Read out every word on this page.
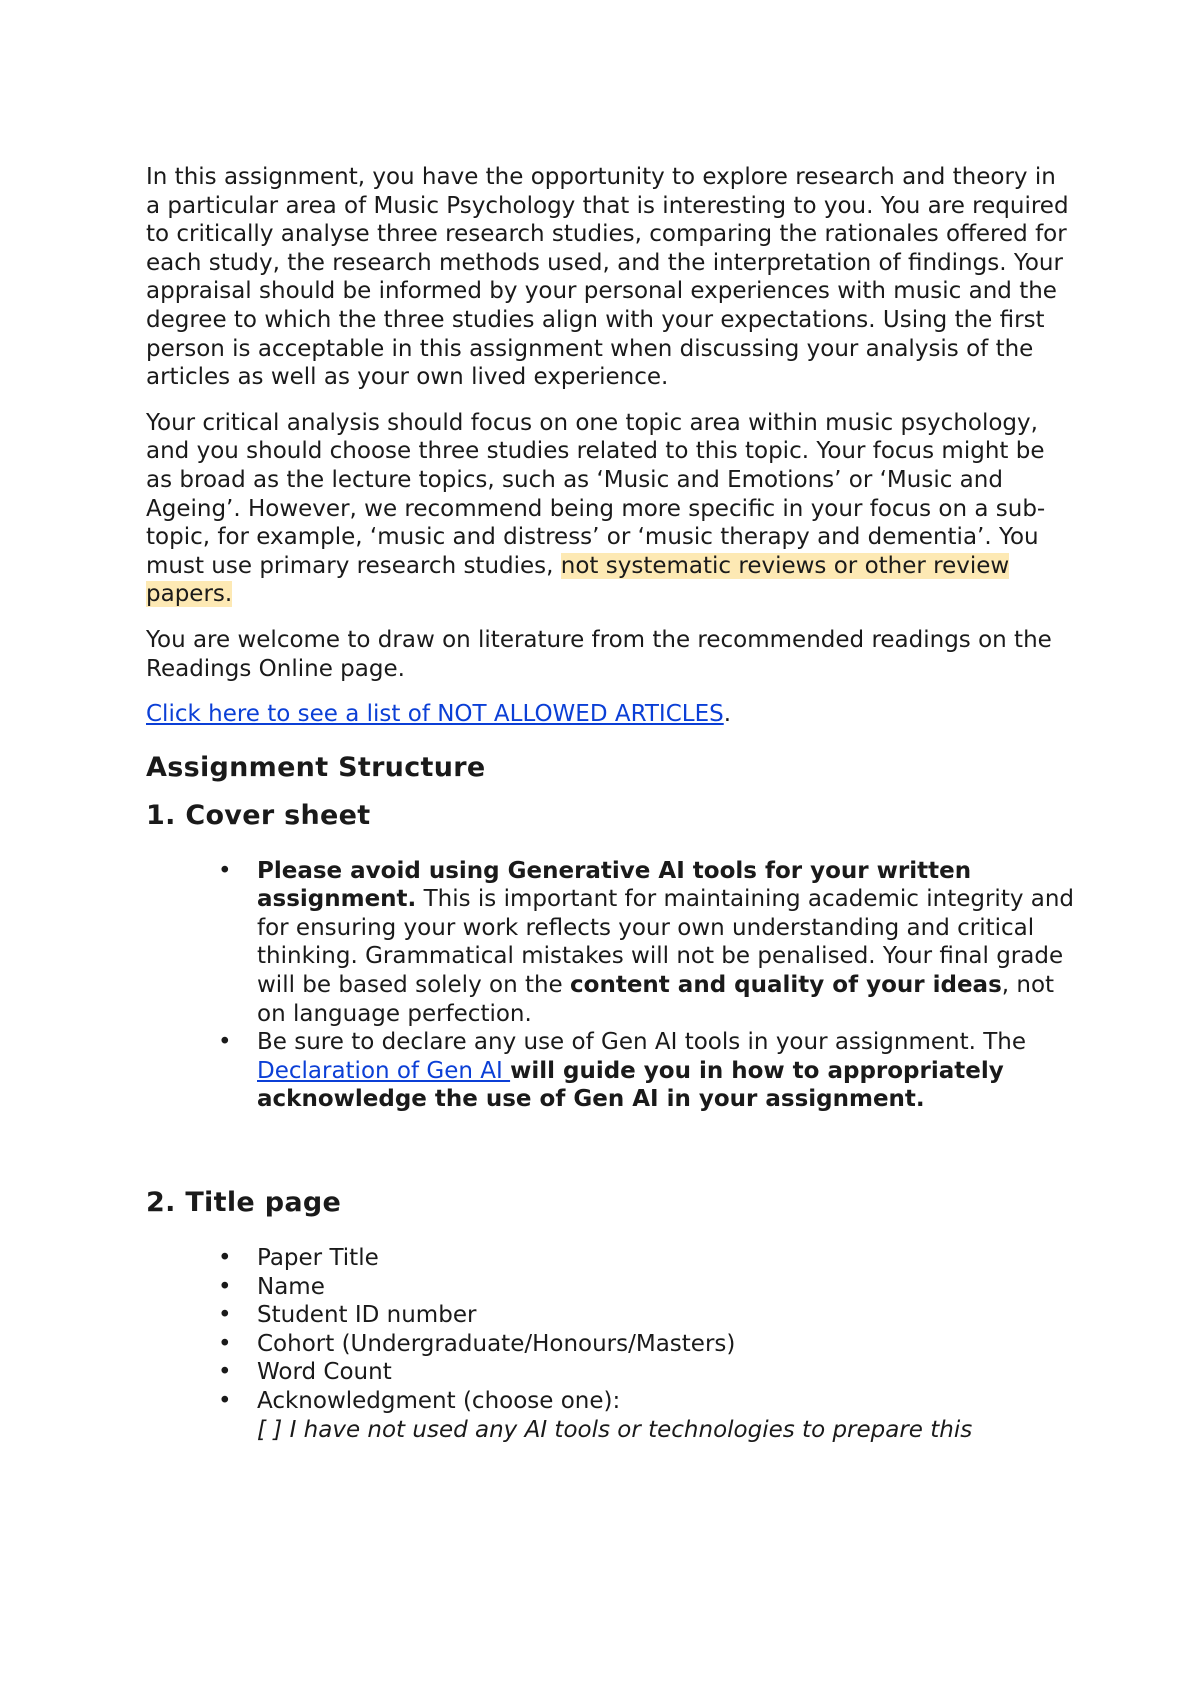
In this assignment, you have the opportunity to explore research and theory in a particular area of Music Psychology that is interesting to you. You are required to critically analyse three research studies, comparing the rationales offered for each study, the research methods used, and the interpretation of findings. Your appraisal should be informed by your personal experiences with music and the degree to which the three studies align with your expectations. Using the first person is acceptable in this assignment when discussing your analysis of the articles as well as your own lived experience.

Your critical analysis should focus on one topic area within music psychology, and you should choose three studies related to this topic. Your focus might be as broad as the lecture topics, such as ‘Music and Emotions’ or ‘Music and Ageing’. However, we recommend being more specific in your focus on a sub-topic, for example, ‘music and distress’ or ‘music therapy and dementia’. You must use primary research studies, not systematic reviews or other review papers.

You are welcome to draw on literature from the recommended readings on the Readings Online page.

Click here to see a list of NOT ALLOWED ARTICLES.

Assignment Structure
1. Cover sheet
• Please avoid using Generative AI tools for your written assignment. This is important for maintaining academic integrity and for ensuring your work reflects your own understanding and critical thinking. Grammatical mistakes will not be penalised. Your final grade will be based solely on the content and quality of your ideas, not on language perfection.
• Be sure to declare any use of Gen AI tools in your assignment. The Declaration of Gen AI will guide you in how to appropriately acknowledge the use of Gen AI in your assignment.
2. Title page
• Paper Title
• Name
• Student ID number
• Cohort (Undergraduate/Honours/Masters)
• Word Count
• Acknowledgment (choose one):
[ ] I have not used any AI tools or technologies to prepare this
